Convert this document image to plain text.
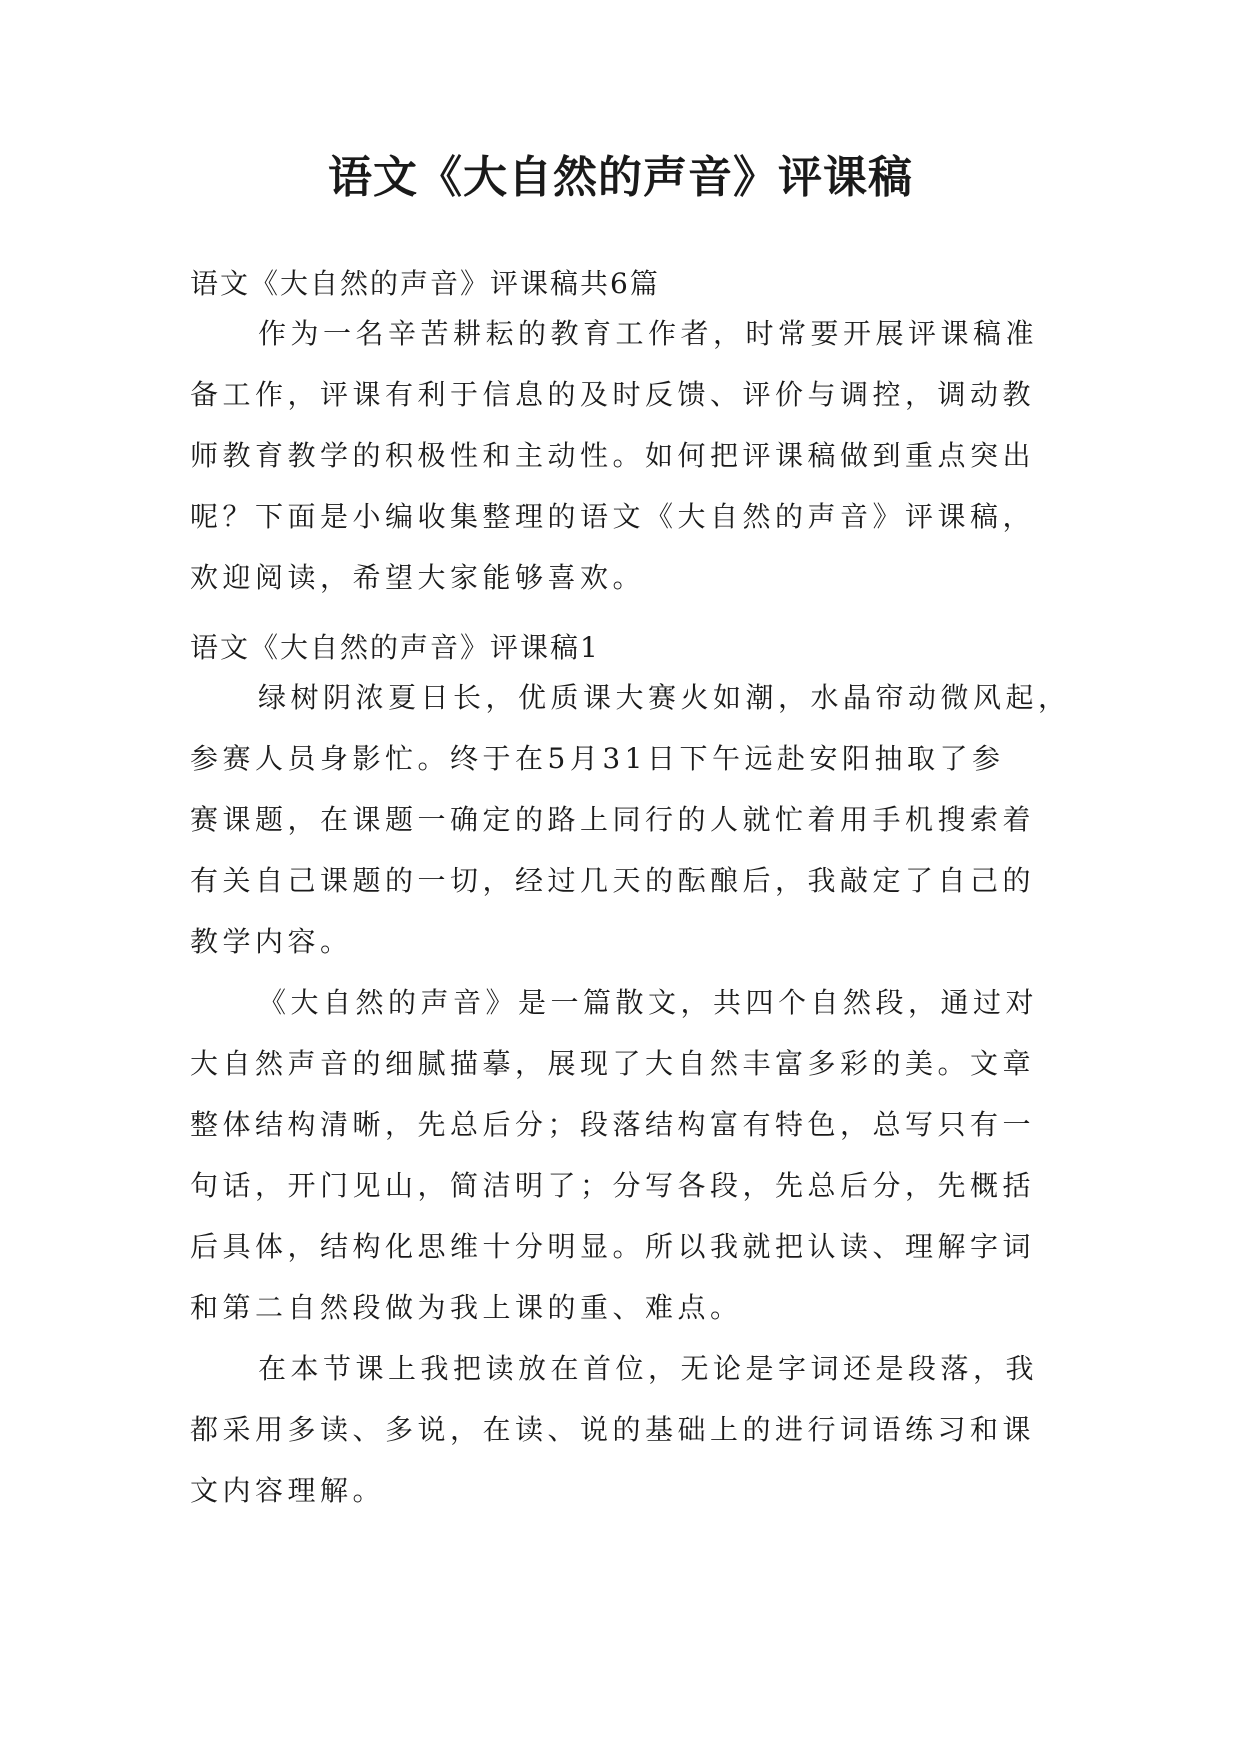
语文《大自然的声音》评课稿

语文《大自然的声音》评课稿共6篇

作为一名辛苦耕耘的教育工作者，时常要开展评课稿准
备工作，评课有利于信息的及时反馈、评价与调控，调动教
师教育教学的积极性和主动性。如何把评课稿做到重点突出
呢？下面是小编收集整理的语文《大自然的声音》评课稿，
欢迎阅读，希望大家能够喜欢。

语文《大自然的声音》评课稿1

绿树阴浓夏日长，优质课大赛火如潮，水晶帘动微风起，
参赛人员身影忙。终于在5月31日下午远赴安阳抽取了参
赛课题，在课题一确定的路上同行的人就忙着用手机搜索着
有关自己课题的一切，经过几天的酝酿后，我敲定了自己的
教学内容。
《大自然的声音》是一篇散文，共四个自然段，通过对
大自然声音的细腻描摹，展现了大自然丰富多彩的美。文章
整体结构清晰，先总后分；段落结构富有特色，总写只有一
句话，开门见山，简洁明了；分写各段，先总后分，先概括
后具体，结构化思维十分明显。所以我就把认读、理解字词
和第二自然段做为我上课的重、难点。
在本节课上我把读放在首位，无论是字词还是段落，我
都采用多读、多说，在读、说的基础上的进行词语练习和课
文内容理解。
